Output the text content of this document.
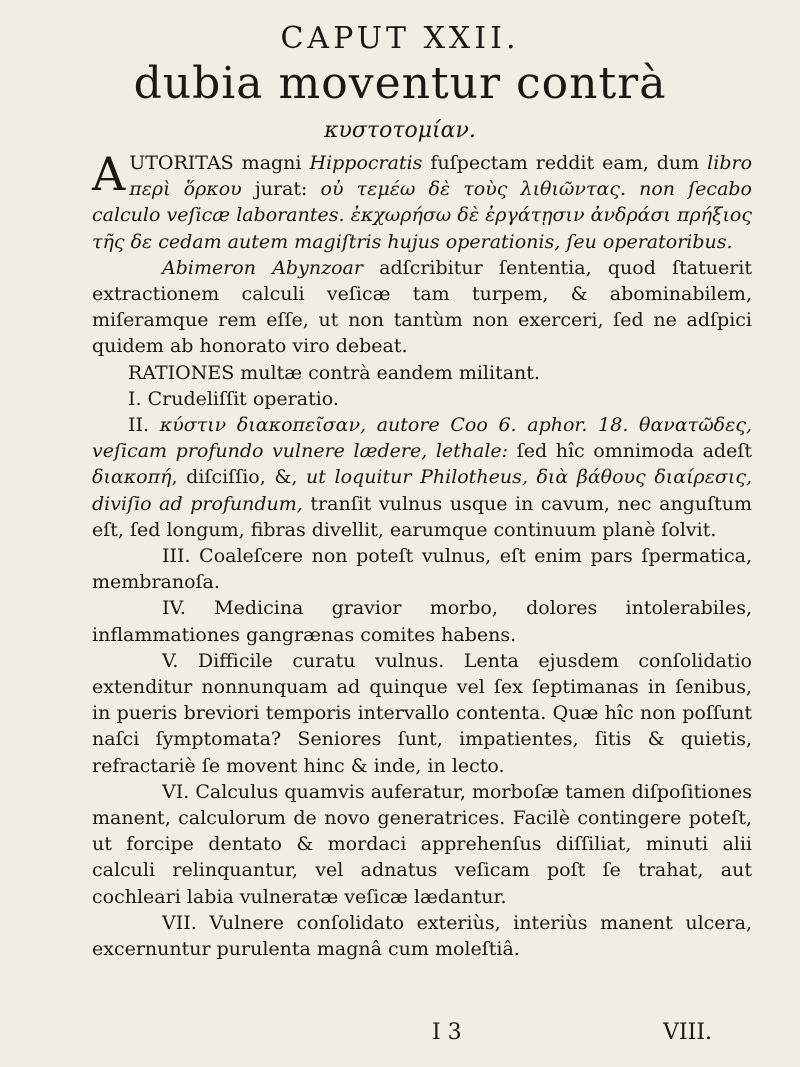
CAPUT XXII.
dubia moventur contrà
κυστοτομίαν.

AUTORITAS magni Hippocratis fuſpectam reddit eam, dum libro περὶ ὅρκου jurat: οὐ τεμέω δὲ τοὺς λιθιῶντας. non ſecabo calculo veſicæ laborantes. ἐκχωρήσω δὲ ἐργάτῃσιν ἀνδράσι πρήξιος τῆς δε cedam autem magiſtris hujus operationis, ſeu operatoribus.

Abimeron Abynzoar adſcribitur ſententia, quod ſtatuerit extractionem calculi veſicæ tam turpem, & abominabilem, miſeramque rem eſſe, ut non tantùm non exerceri, ſed ne adſpici quidem ab honorato viro debeat.

RATIONES multæ contrà eandem militant.

I. Crudeliſſit operatio.

II. κύστιν διακοπεῖσαν, autore Coo 6. aphor. 18. θανατῶδες, veſicam profundo vulnere lædere, lethale: ſed hîc omnimoda adeſt διακοπή, diſciſſio, &, ut loquitur Philotheus, διὰ βάθους διαίρεσις, diviſio ad profundum, tranſit vulnus usque in cavum, nec anguſtum eſt, ſed longum, fibras divellit, earumque continuum planè ſolvit.

III. Coaleſcere non poteſt vulnus, eſt enim pars ſpermatica, membranoſa.

IV. Medicina gravior morbo, dolores intolerabiles, inflammationes gangrænas comites habens.

V. Difficile curatu vulnus. Lenta ejusdem conſolidatio extenditur nonnunquam ad quinque vel ſex ſeptimanas in ſenibus, in pueris breviori temporis intervallo contenta. Quæ hîc non poſſunt naſci ſymptomata? Seniores ſunt, impatientes, ſitis & quietis, refractariè ſe movent hinc & inde, in lecto.

VI. Calculus quamvis auferatur, morboſæ tamen diſpoſitiones manent, calculorum de novo generatrices. Facilè contingere poteſt, ut forcipe dentato & mordaci apprehenſus diſſiliat, minuti alii calculi relinquantur, vel adnatus veſicam poſt ſe trahat, aut cochleari labia vulneratæ veſicæ lædantur.

VII. Vulnere conſolidato exteriùs, interiùs manent ulcera, excernuntur purulenta magnâ cum moleſtiâ.

I 3	VIII.
